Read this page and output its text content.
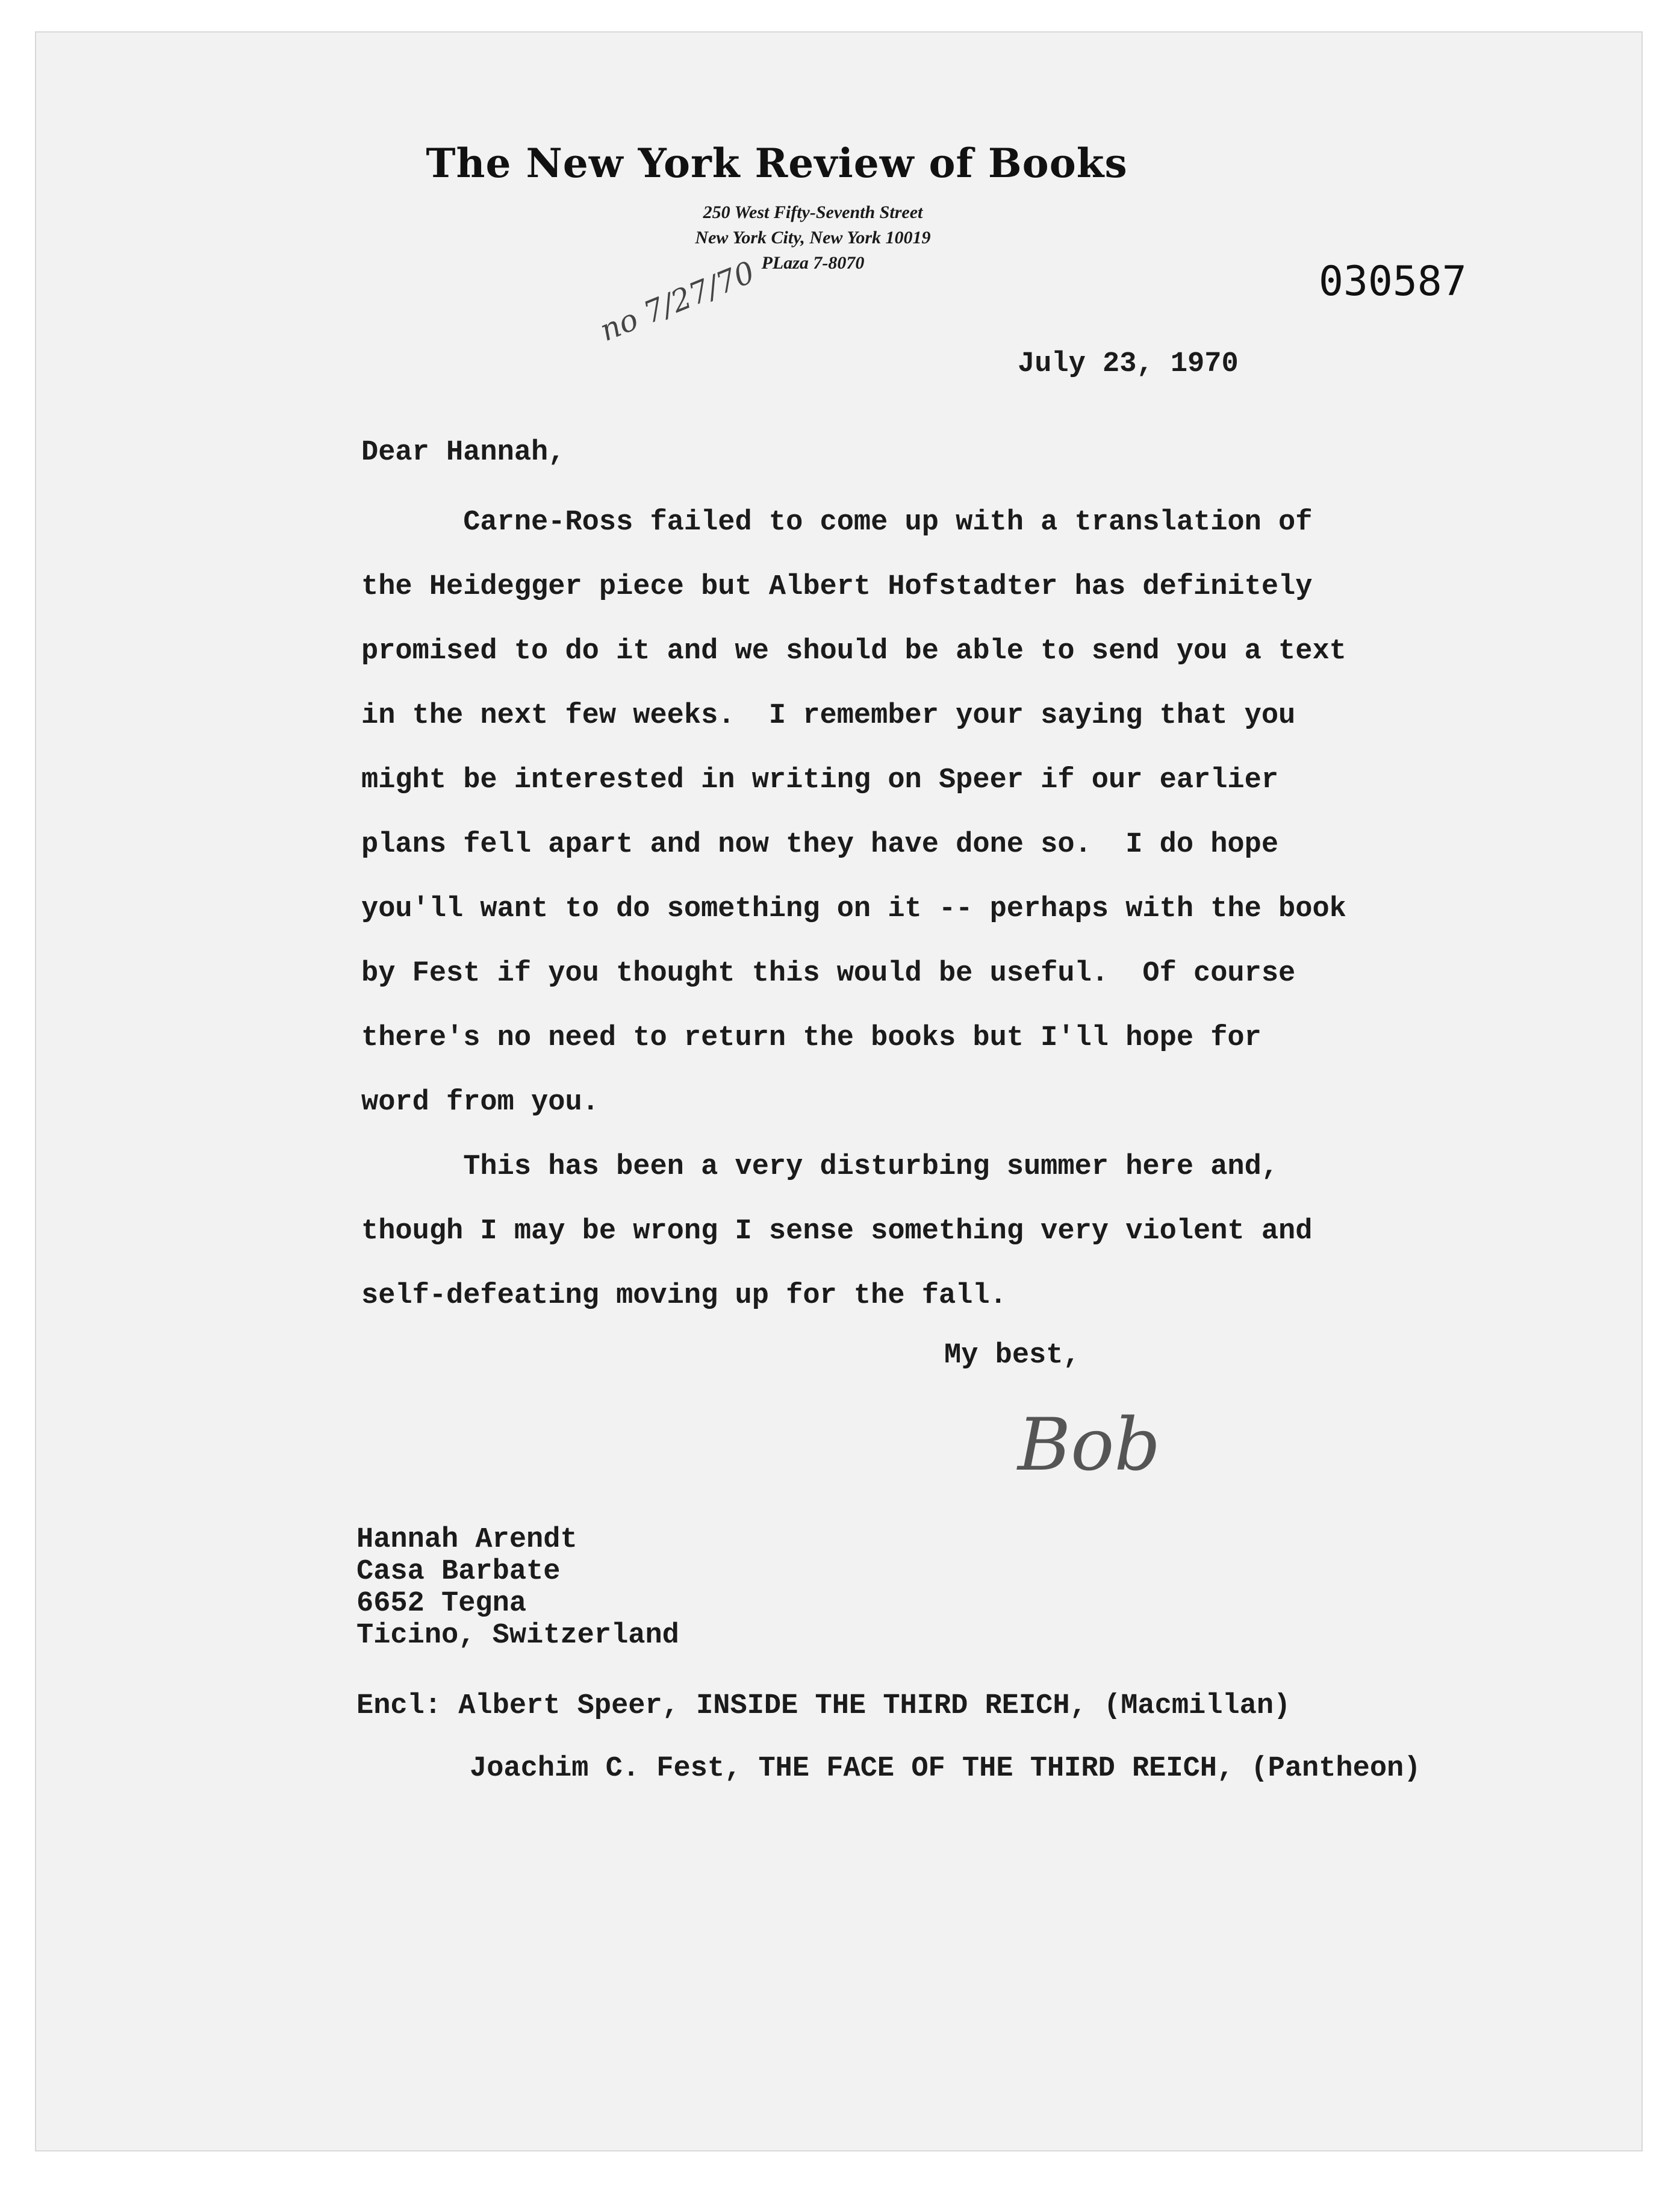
The New York Review of Books
250 West Fifty-Seventh Street
New York City, New York 10019
PLaza 7-8070	030587
no 7/27/70
July 23, 1970
Dear Hannah,
Carne-Ross failed to come up with a translation of
the Heidegger piece but Albert Hofstadter has definitely
promised to do it and we should be able to send you a text
in the next few weeks.  I remember your saying that you
might be interested in writing on Speer if our earlier
plans fell apart and now they have done so.  I do hope
you'll want to do something on it -- perhaps with the book
by Fest if you thought this would be useful.  Of course
there's no need to return the books but I'll hope for
word from you.
This has been a very disturbing summer here and,
though I may be wrong I sense something very violent and
self-defeating moving up for the fall.
My best,
Bob
Hannah Arendt
Casa Barbate
6652 Tegna
Ticino, Switzerland
Encl: Albert Speer, INSIDE THE THIRD REICH, (Macmillan)
Joachim C. Fest, THE FACE OF THE THIRD REICH, (Pantheon)
